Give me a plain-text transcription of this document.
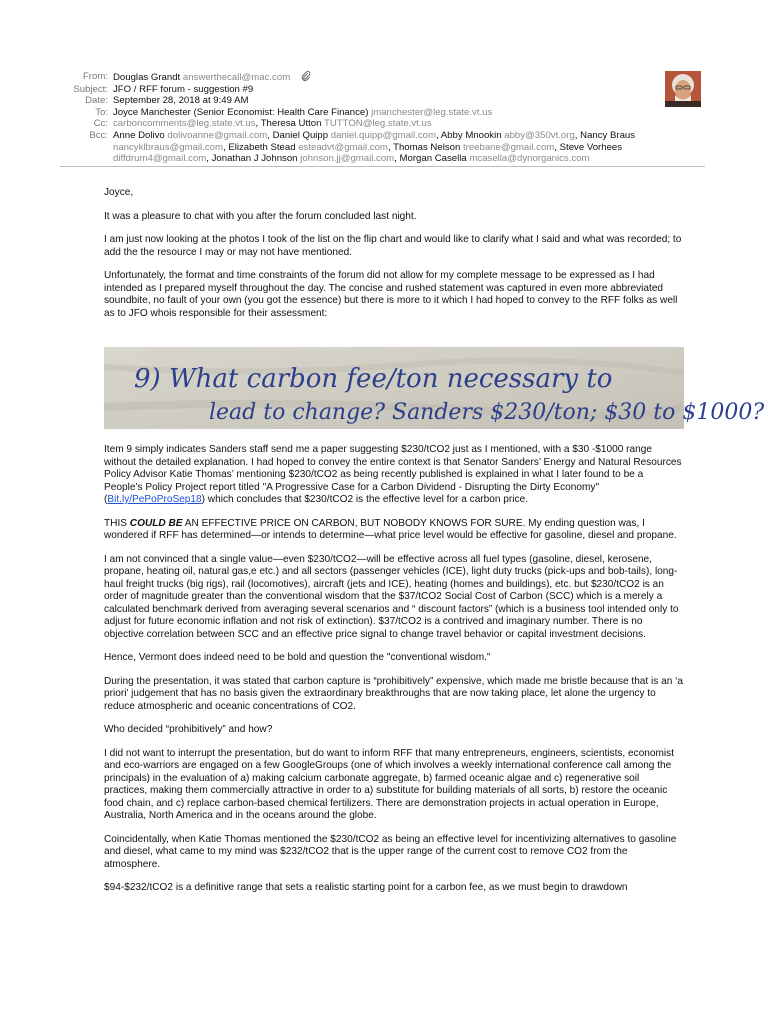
From: Douglas Grandt answerthecall@mac.com
Subject: JFO / RFF forum - suggestion #9
Date: September 28, 2018 at 9:49 AM
To: Joyce Manchester (Senior Economist: Health Care Finance) jmanchester@leg.state.vt.us
Cc: carboncomments@leg.state.vt.us, Theresa Utton TUTTON@leg.state.vt.us
Bcc: Anne Dolivo dolivoanne@gmail.com, Daniel Quipp daniel.quipp@gmail.com, Abby Mnookin abby@350vt.org, Nancy Braus nancyklbraus@gmail.com, Elizabeth Stead esteadvt@gmail.com, Thomas Nelson treebane@gmail.com, Steve Vorhees diffdrum4@gmail.com, Jonathan J Johnson johnson.jj@gmail.com, Morgan Casella mcasella@dynorganics.com

Joyce,

It was a pleasure to chat with you after the forum concluded last night.

I am just now looking at the photos I took of the list on the flip chart and would like to clarify what I said and what was recorded; to add the the resource I may or may not have mentioned.

Unfortunately, the format and time constraints of the forum did not allow for my complete message to be expressed as I had intended as I prepared myself throughout the day. The concise and rushed statement was captured in even more abbreviated soundbite, no fault of your own (you got the essence) but there is more to it which I had hoped to convey to the RFF folks as well as to JFO whois responsible for their assessment:

9) What carbon fee/ton necessary to
lead to change? Sanders $230/ton; $30 to $1000?

Item 9 simply indicates Sanders staff send me a paper suggesting $230/tCO2 just as I mentioned, with a $30 -$1000 range without the detailed explanation. I had hoped to convey the entire context is that Senator Sanders’ Energy and Natural Resources Policy Advisor Katie Thomas’ mentioning $230/tCO2 as being recently published is explained in what I later found to be a People’s Policy Project report titled "A Progressive Case for a Carbon Dividend - Disrupting the Dirty Economy" (Bit.ly/PePoProSep18) which concludes that $230/tCO2 is the effective level for a carbon price.

THIS COULD BE AN EFFECTIVE PRICE ON CARBON, BUT NOBODY KNOWS FOR SURE. My ending question was, I wondered if RFF has determined—or intends to determine—what price level would be effective for gasoline, diesel and propane.

I am not convinced that a single value—even $230/tCO2—will be effective across all fuel types (gasoline, diesel, kerosene, propane, heating oil, natural gas,e etc.) and all sectors (passenger vehicles (ICE), light duty trucks (pick-ups and bob-tails), long-haul freight trucks (big rigs), rail (locomotives), aircraft (jets and ICE), heating (homes and buildings), etc. but $230/tCO2 is an order of magnitude greater than the conventional wisdom that the $37/tCO2 Social Cost of Carbon (SCC) which is a merely a calculated benchmark derived from averaging several scenarios and “ discount factors” (which is a business tool intended only to adjust for future economic inflation and not risk of extinction). $37/tCO2 is a contrived and imaginary number. There is no objective correlation between SCC and an effective price signal to change travel behavior or capital investment decisions.

Hence, Vermont does indeed need to be bold and question the "conventional wisdom."

During the presentation, it was stated that carbon capture is “prohibitively” expensive, which made me bristle because that is an ‘a priori’ judgement that has no basis given the extraordinary breakthroughs that are now taking place, let alone the urgency to reduce atmospheric and oceanic concentrations of CO2.

Who decided “prohibitively” and how?

I did not want to interrupt the presentation, but do want to inform RFF that many entrepreneurs, engineers, scientists, economist and eco-warriors are engaged on a few GoogleGroups (one of which involves a weekly international conference call among the principals) in the evaluation of a) making calcium carbonate aggregate, b) farmed oceanic algae and c) regenerative soil practices, making them commercially attractive in order to a) substitute for building materials of all sorts, b) restore the oceanic food chain, and c) replace carbon-based chemical fertilizers. There are demonstration projects in actual operation in Europe, Australia, North America and in the oceans around the globe.

Coincidentally, when Katie Thomas mentioned the $230/tCO2 as being an effective level for incentivizing alternatives to gasoline and diesel, what came to my mind was $232/tCO2 that is the upper range of the current cost to remove CO2 from the atmosphere.

$94-$232/tCO2 is a definitive range that sets a realistic starting point for a carbon fee, as we must begin to drawdown
